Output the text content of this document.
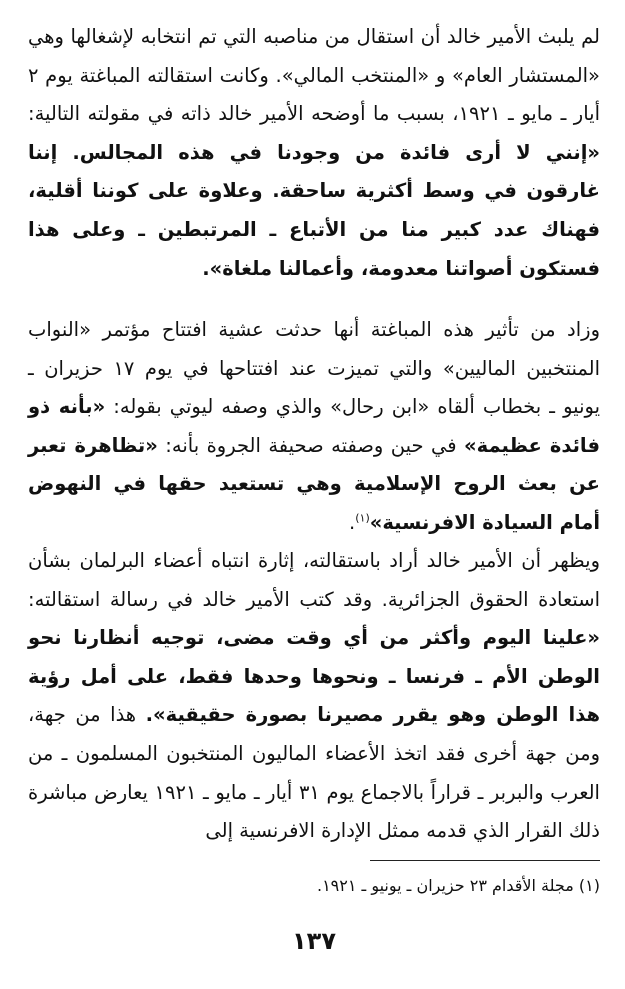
لم يلبث الأمير خالد أن استقال من مناصبه التي تم انتخابه لإشغالها وهي «المستشار العام» و «المنتخب المالي». وكانت استقالته المباغتة يوم ٢ أيار ـ مايو ـ ١٩٢١، بسبب ما أوضحه الأمير خالد ذاته في مقولته التالية: «إنني لا أرى فائدة من وجودنا في هذه المجالس. إننا غارقون في وسط أكثرية ساحقة. وعلاوة على كوننا أقلية، فهناك عدد كبير منا من الأتباع ـ المرتبطين ـ وعلى هذا فستكون أصواتنا معدومة، وأعمالنا ملغاة».

وزاد من تأثير هذه المباغتة أنها حدثت عشية افتتاح مؤتمر «النواب المنتخبين الماليين» والتي تميزت عند افتتاحها في يوم ١٧ حزيران ـ يونيو ـ بخطاب ألقاه «ابن رحال» والذي وصفه ليوتي بقوله: «بأنه ذو فائدة عظيمة» في حين وصفته صحيفة الجروة بأنه: «تظاهرة تعبر عن بعث الروح الإسلامية وهي تستعيد حقها في النهوض أمام السيادة الافرنسية»$^{(١)}$.

ويظهر أن الأمير خالد أراد باستقالته، إثارة انتباه أعضاء البرلمان بشأن استعادة الحقوق الجزائرية. وقد كتب الأمير خالد في رسالة استقالته: «علينا اليوم وأكثر من أي وقت مضى، توجيه أنظارنا نحو الوطن الأم ـ فرنسا ـ ونحوها وحدها فقط، على أمل رؤية هذا الوطن وهو يقرر مصيرنا بصورة حقيقية». هذا من جهة، ومن جهة أخرى فقد اتخذ الأعضاء الماليون المنتخبون المسلمون ـ من العرب والبربر ـ قراراً بالاجماع يوم ٣١ أيار ـ مايو ـ ١٩٢١ يعارض مباشرة ذلك القرار الذي قدمه ممثل الإدارة الافرنسية إلى

(١) مجلة الأقدام ٢٣ حزيران ـ يونيو ـ ١٩٢١.
١٣٧
